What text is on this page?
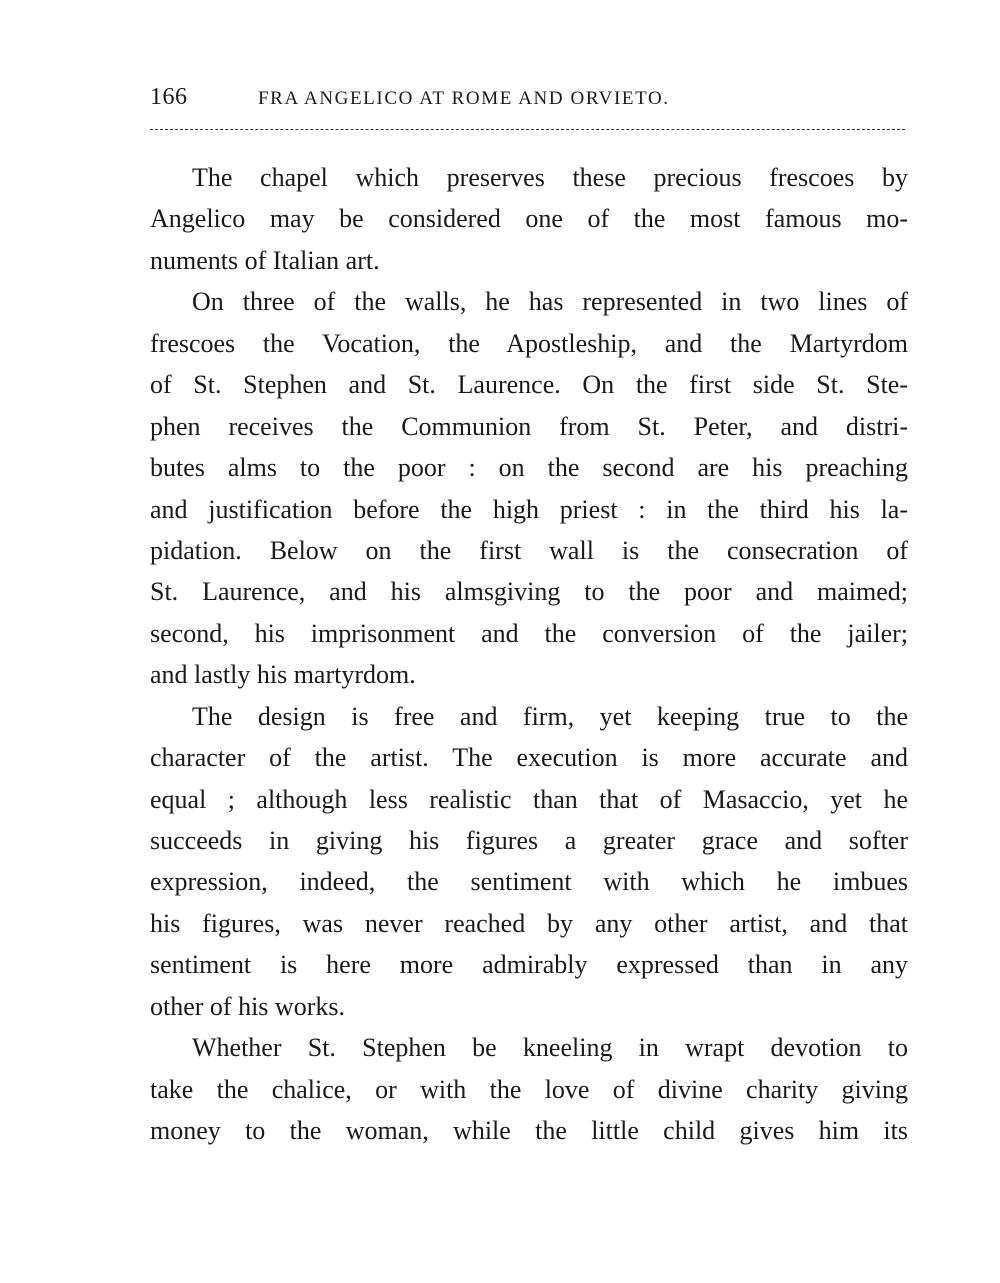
166	FRA ANGELICO AT ROME AND ORVIETO.
The chapel which preserves these precious frescoes by
Angelico may be considered one of the most famous mo-
numents of Italian art.
On three of the walls, he has represented in two lines of
frescoes the Vocation, the Apostleship, and the Martyrdom
of St. Stephen and St. Laurence. On the first side St. Ste-
phen receives the Communion from St. Peter, and distri-
butes alms to the poor : on the second are his preaching
and justification before the high priest : in the third his la-
pidation. Below on the first wall is the consecration of
St. Laurence, and his almsgiving to the poor and maimed;
second, his imprisonment and the conversion of the jailer;
and lastly his martyrdom.
The design is free and firm, yet keeping true to the
character of the artist. The execution is more accurate and
equal ; although less realistic than that of Masaccio, yet he
succeeds in giving his figures a greater grace and softer
expression, indeed, the sentiment with which he imbues
his figures, was never reached by any other artist, and that
sentiment is here more admirably expressed than in any
other of his works.
Whether St. Stephen be kneeling in wrapt devotion to
take the chalice, or with the love of divine charity giving
money to the woman, while the little child gives him its
